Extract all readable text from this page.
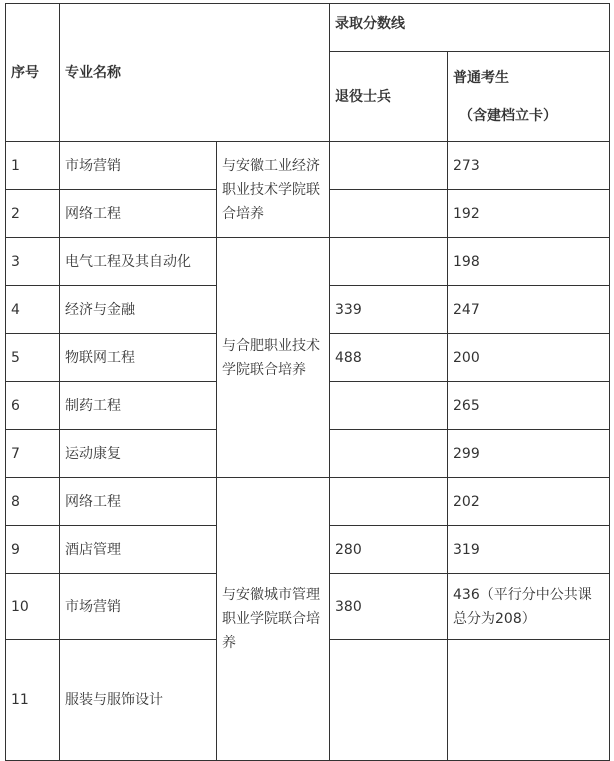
序号	专业名称		录取分数线		
			退役士兵	普通考生
（含建档立卡）	

1	市场营销	与安徽工业经济职业技术学院联合培养		273	
2	网络工程			192	
3	电气工程及其自动化	与合肥职业技术学院联合培养		198	
4	经济与金融		339	247	
5	物联网工程		488	200	
6	制药工程			265	
7	运动康复			299	
8	网络工程	与安徽城市管理职业学院联合培养		202	
9	酒店管理		280	319	
10	市场营销		380	436（平行分中公共课总分为208）	
11	服装与服饰设计			
